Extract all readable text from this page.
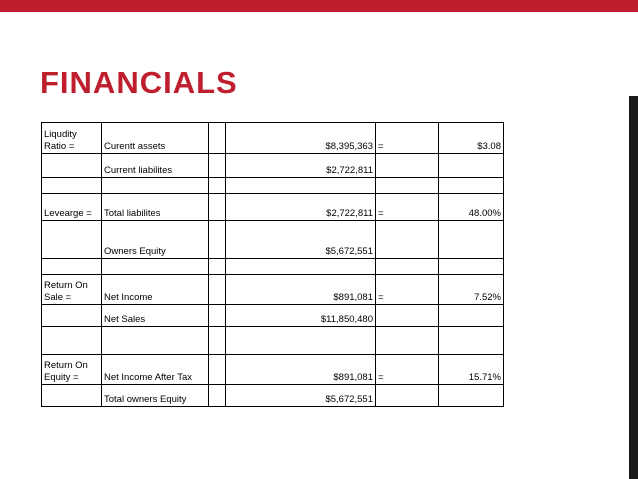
FINANCIALS
Liqudity
Ratio =	Curentt assets		$8,395,363	=	$3.08
	Current liabilites		$2,722,811		

Levearge =	Total liabilites		$2,722,811	=	48.00%
	Owners Equity		$5,672,551		

Return On
Sale =	Net Income		$891,081	=	7.52%
	Net Sales		$11,850,480		

Return On
Equity =	Net Income After Tax		$891,081	=	15.71%
	Total owners Equity		$5,672,551		
